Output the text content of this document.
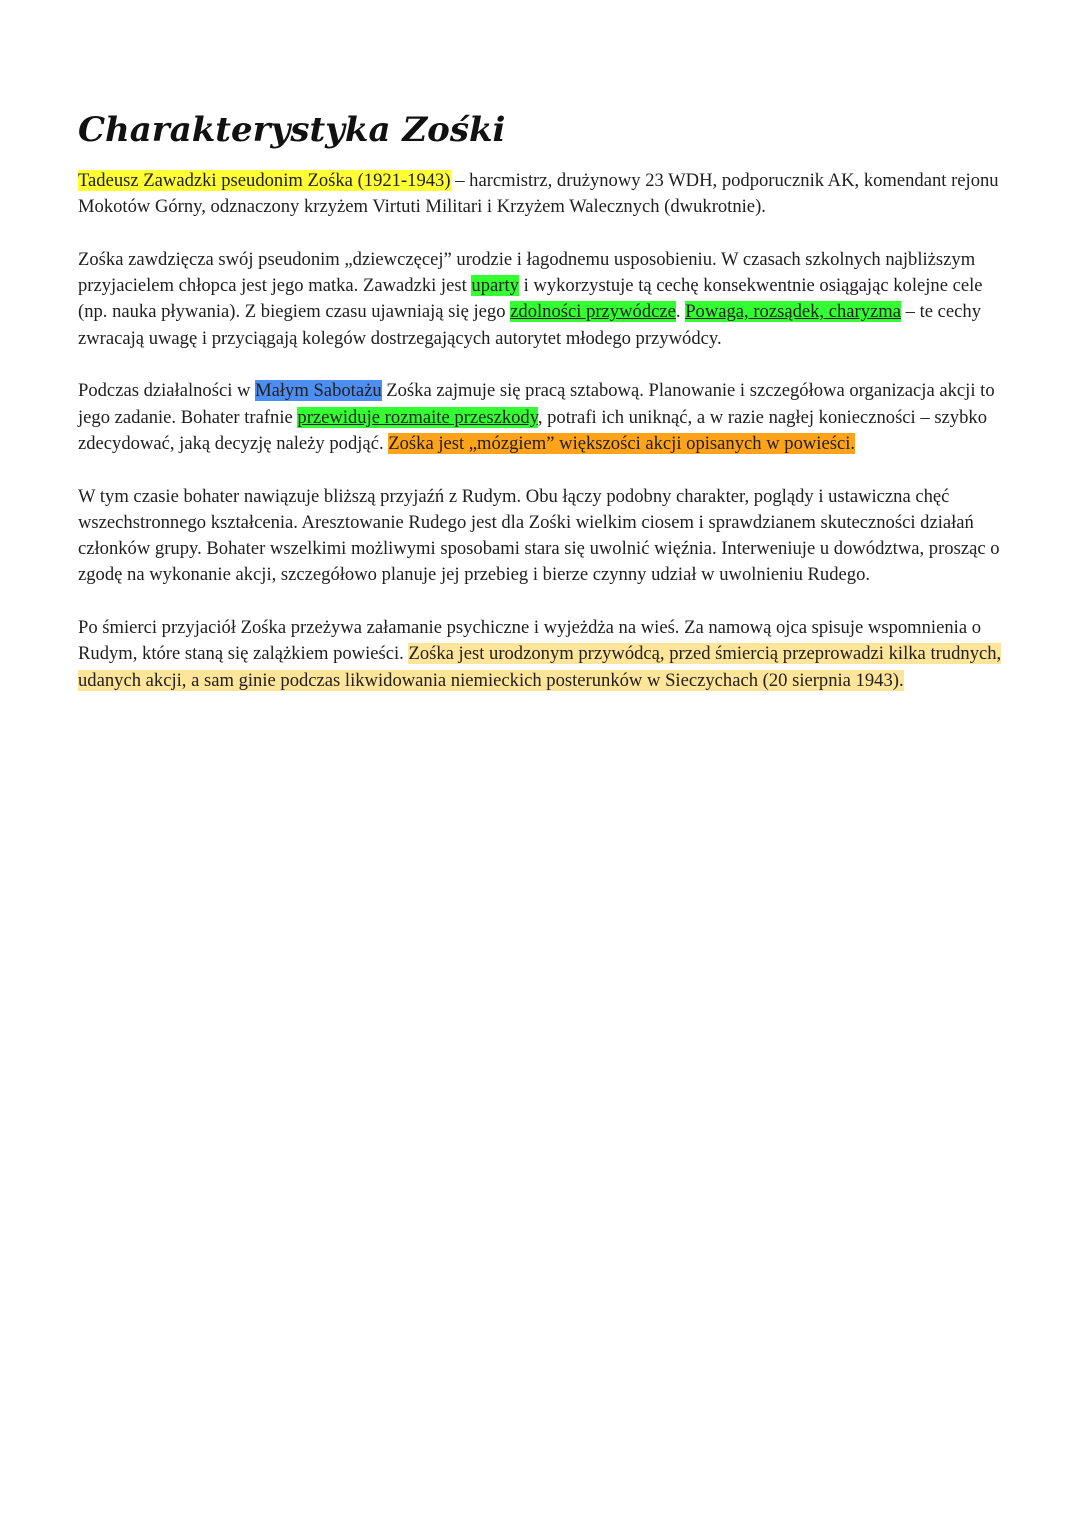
Charakterystyka Zośki

Tadeusz Zawadzki pseudonim Zośka (1921-1943) – harcmistrz, drużynowy 23 WDH, podporucznik AK, komendant rejonu Mokotów Górny, odznaczony krzyżem Virtuti Militari i Krzyżem Walecznych (dwukrotnie).

Zośka zawdzięcza swój pseudonim „dziewczęcej” urodzie i łagodnemu usposobieniu. W czasach szkolnych najbliższym przyjacielem chłopca jest jego matka. Zawadzki jest uparty i wykorzystuje tą cechę konsekwentnie osiągając kolejne cele (np. nauka pływania). Z biegiem czasu ujawniają się jego zdolności przywódcze. Powaga, rozsądek, charyzma – te cechy zwracają uwagę i przyciągają kolegów dostrzegających autorytet młodego przywódcy.

Podczas działalności w Małym Sabotażu Zośka zajmuje się pracą sztabową. Planowanie i szczegółowa organizacja akcji to jego zadanie. Bohater trafnie przewiduje rozmaite przeszkody, potrafi ich uniknąć, a w razie nagłej konieczności – szybko zdecydować, jaką decyzję należy podjąć. Zośka jest „mózgiem” większości akcji opisanych w powieści.

W tym czasie bohater nawiązuje bliższą przyjaźń z Rudym. Obu łączy podobny charakter, poglądy i ustawiczna chęć wszechstronnego kształcenia. Aresztowanie Rudego jest dla Zośki wielkim ciosem i sprawdzianem skuteczności działań członków grupy. Bohater wszelkimi możliwymi sposobami stara się uwolnić więźnia. Interweniuje u dowództwa, prosząc o zgodę na wykonanie akcji, szczegółowo planuje jej przebieg i bierze czynny udział w uwolnieniu Rudego.

Po śmierci przyjaciół Zośka przeżywa załamanie psychiczne i wyjeżdża na wieś. Za namową ojca spisuje wspomnienia o Rudym, które staną się zalążkiem powieści. Zośka jest urodzonym przywódcą, przed śmiercią przeprowadzi kilka trudnych, udanych akcji, a sam ginie podczas likwidowania niemieckich posterunków w Sieczychach (20 sierpnia 1943).
